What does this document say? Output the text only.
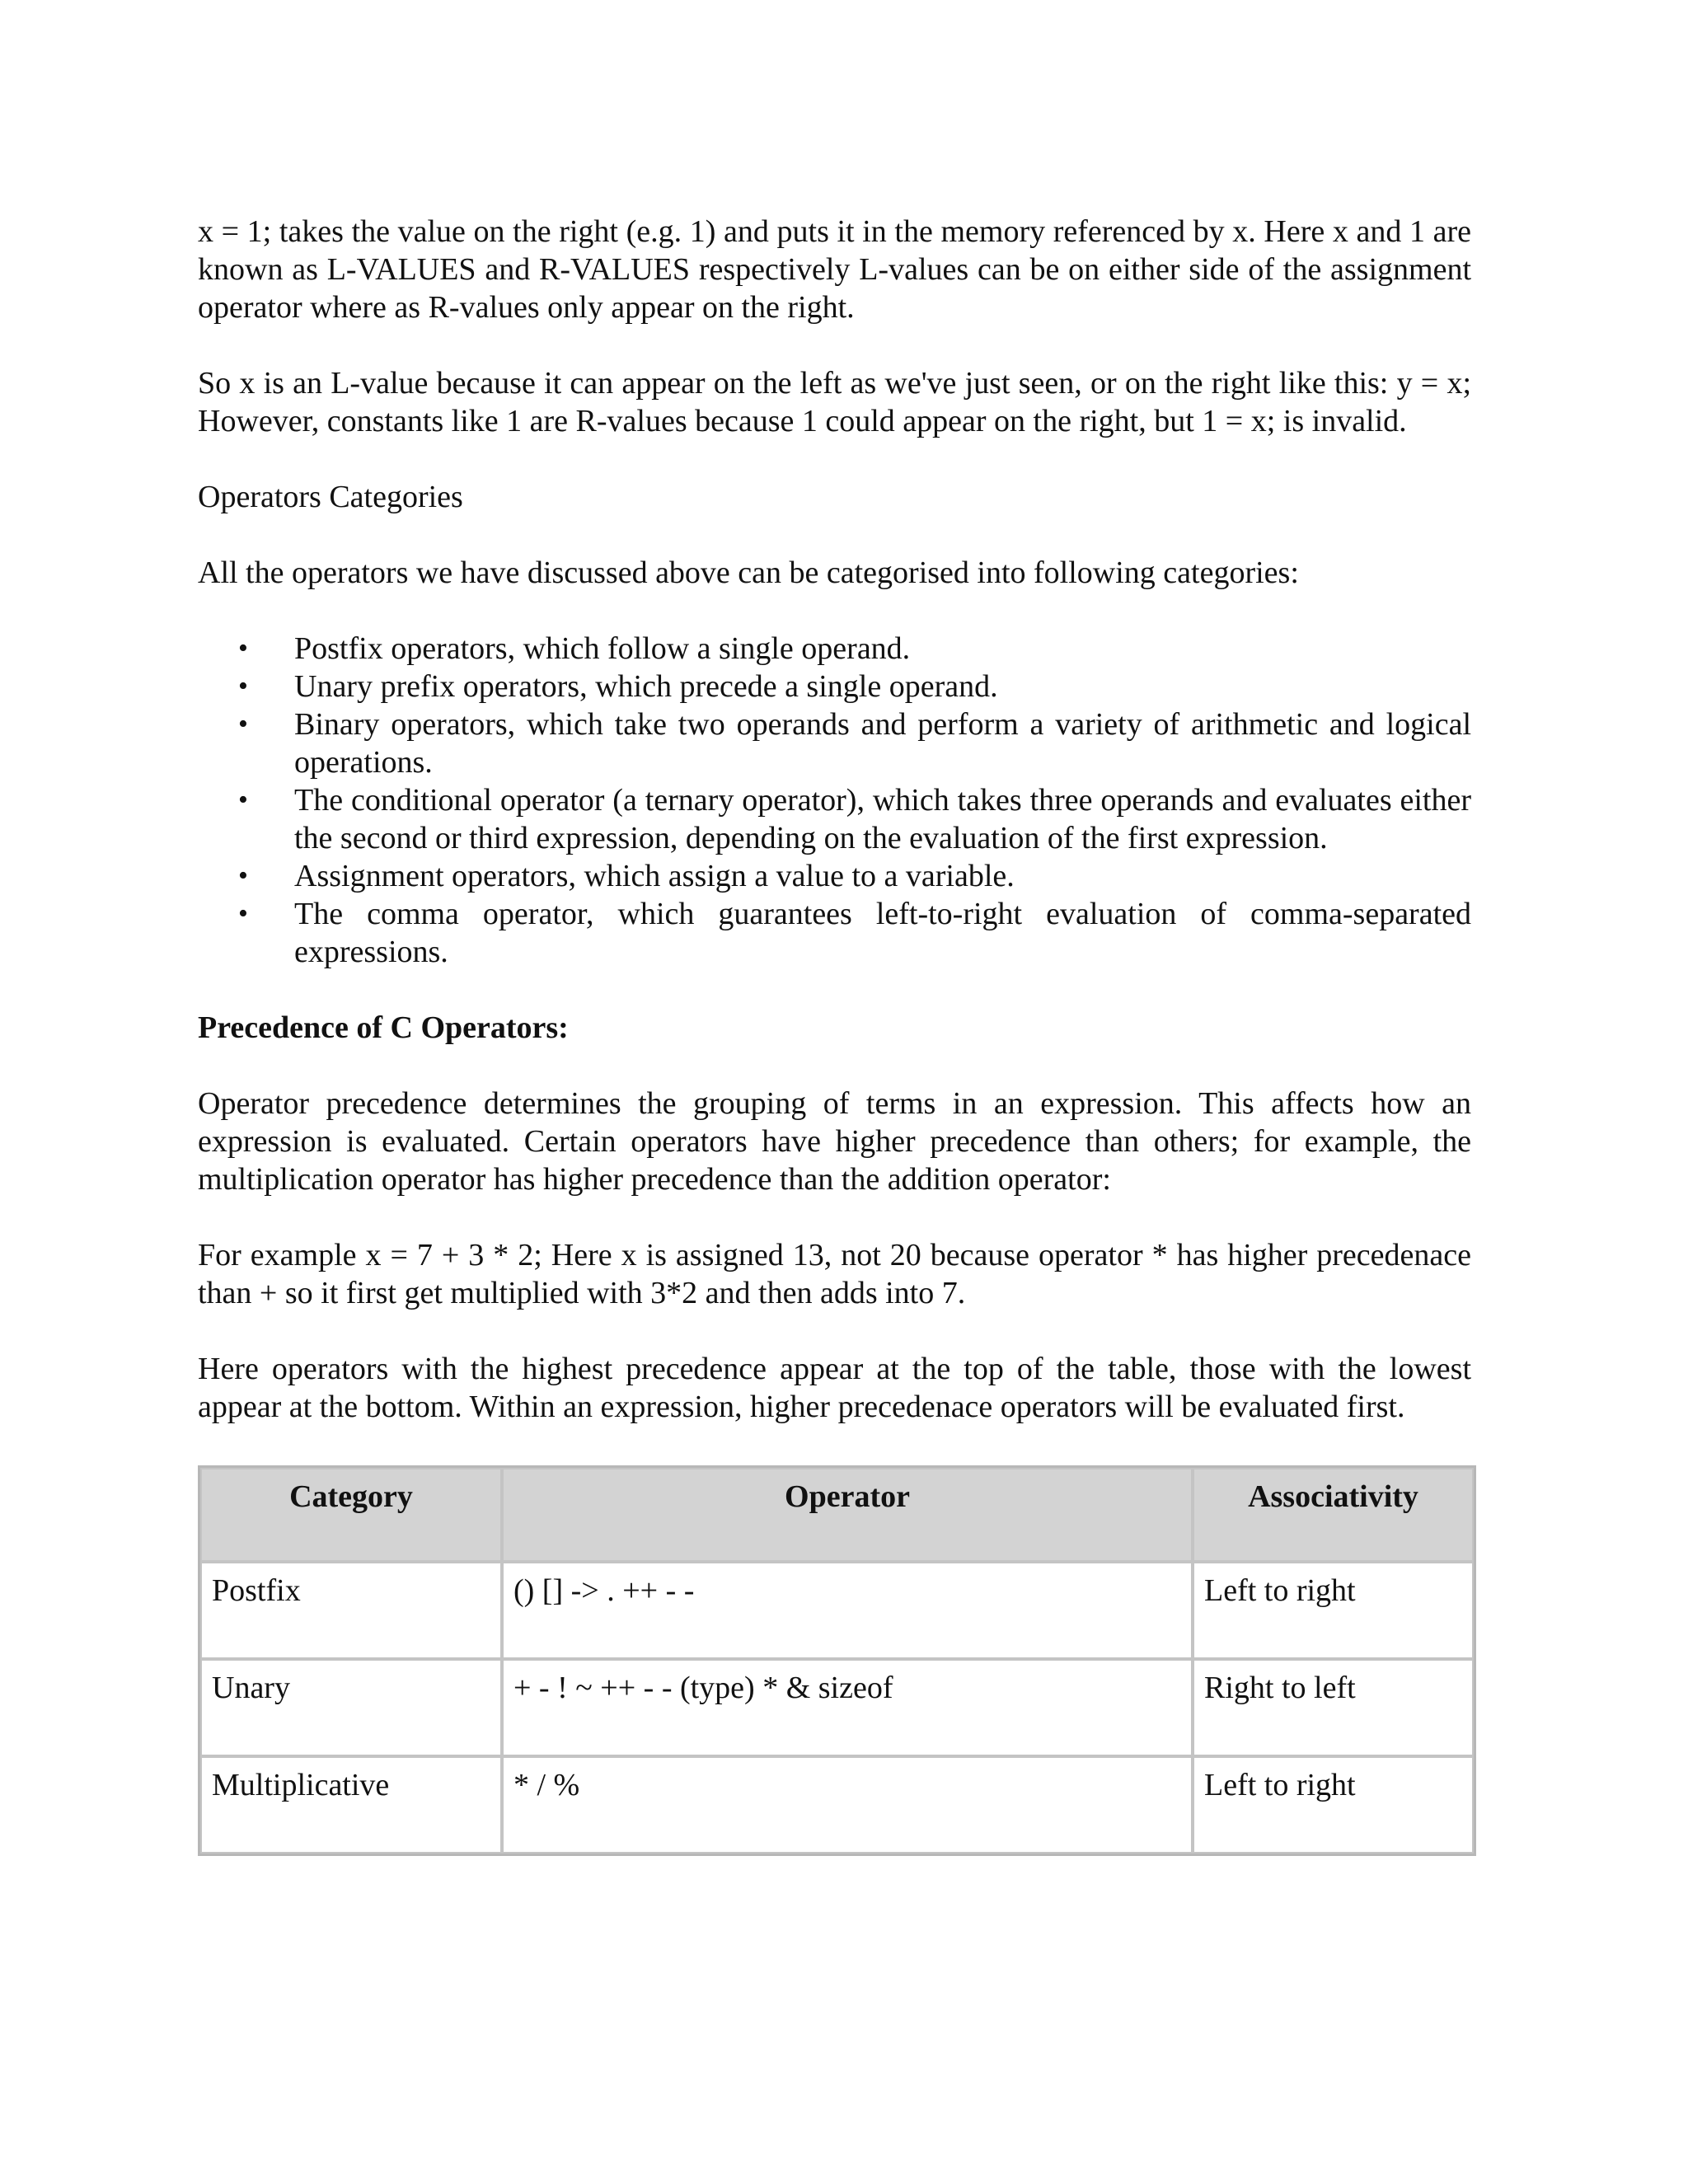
x = 1; takes the value on the right (e.g. 1) and puts it in the memory referenced by x. Here x and 1 are known as L-VALUES and R-VALUES respectively L-values can be on either side of the assignment operator where as R-values only appear on the right.

So x is an L-value because it can appear on the left as we've just seen, or on the right like this: y = x; However, constants like 1 are R-values because 1 could appear on the right, but 1 = x; is invalid.

Operators Categories

All the operators we have discussed above can be categorised into following categories:

• Postfix operators, which follow a single operand.
• Unary prefix operators, which precede a single operand.
• Binary operators, which take two operands and perform a variety of arithmetic and logical operations.
• The conditional operator (a ternary operator), which takes three operands and evaluates either the second or third expression, depending on the evaluation of the first expression.
• Assignment operators, which assign a value to a variable.
• The comma operator, which guarantees left-to-right evaluation of comma-separated expressions.

Precedence of C Operators:

Operator precedence determines the grouping of terms in an expression. This affects how an expression is evaluated. Certain operators have higher precedence than others; for example, the multiplication operator has higher precedence than the addition operator:

For example x = 7 + 3 * 2; Here x is assigned 13, not 20 because operator * has higher precedenace than + so it first get multiplied with 3*2 and then adds into 7.

Here operators with the highest precedence appear at the top of the table, those with the lowest appear at the bottom. Within an expression, higher precedenace operators will be evaluated first.

Category	Operator	Associativity
Postfix	() [] -> . ++ - -	Left to right
Unary	+ - ! ~ ++ - - (type) * & sizeof	Right to left
Multiplicative	* / %	Left to right
